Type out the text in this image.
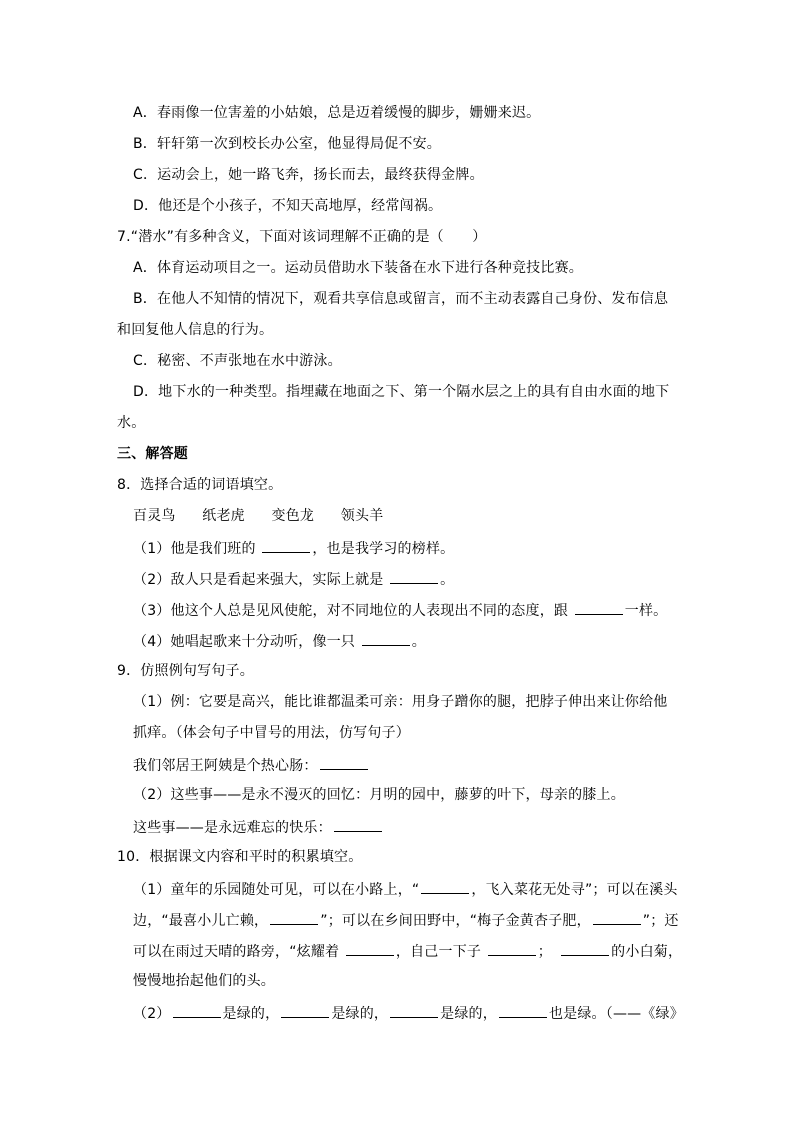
A．春雨像一位害羞的小姑娘，总是迈着缓慢的脚步，姗姗来迟。
B．轩轩第一次到校长办公室，他显得局促不安。
C．运动会上，她一路飞奔，扬长而去，最终获得金牌。
D．他还是个小孩子，不知天高地厚，经常闯祸。
7.“潜水”有多种含义，下面对该词理解不正确的是（　　）
A．体育运动项目之一。运动员借助水下装备在水下进行各种竞技比赛。
B．在他人不知情的情况下，观看共享信息或留言，而不主动表露自己身份、发布信息
和回复他人信息的行为。
C．秘密、不声张地在水中游泳。
D．地下水的一种类型。指埋藏在地面之下、第一个隔水层之上的具有自由水面的地下
水。
三、解答题
8．选择合适的词语填空。
百灵鸟 纸老虎 变色龙 领头羊
（1）他是我们班的	，也是我学习的榜样。
（2）敌人只是看起来强大，实际上就是	。
（3）他这个人总是见风使舵，对不同地位的人表现出不同的态度，跟	一样。
（4）她唱起歌来十分动听，像一只	。
9．仿照例句写句子。
（1）例：它要是高兴，能比谁都温柔可亲：用身子蹭你的腿，把脖子伸出来让你给他
抓痒。（体会句子中冒号的用法，仿写句子）
我们邻居王阿姨是个热心肠：
（2）这些事——是永不漫灭的回忆：月明的园中，藤萝的叶下，母亲的膝上。
这些事——是永远难忘的快乐：
10．根据课文内容和平时的积累填空。
（1）童年的乐园随处可见，可以在小路上，“	，飞入菜花无处寻”；可以在溪头
边，“最喜小儿亡赖，	”；可以在乡间田野中，“梅子金黄杏子肥，	”；还
可以在雨过天晴的路旁，“炫耀着	，自己一下子	；　	的小白菊，
慢慢地抬起他们的头。
（2）	是绿的，	是绿的，	是绿的，	也是绿。（——《绿》
